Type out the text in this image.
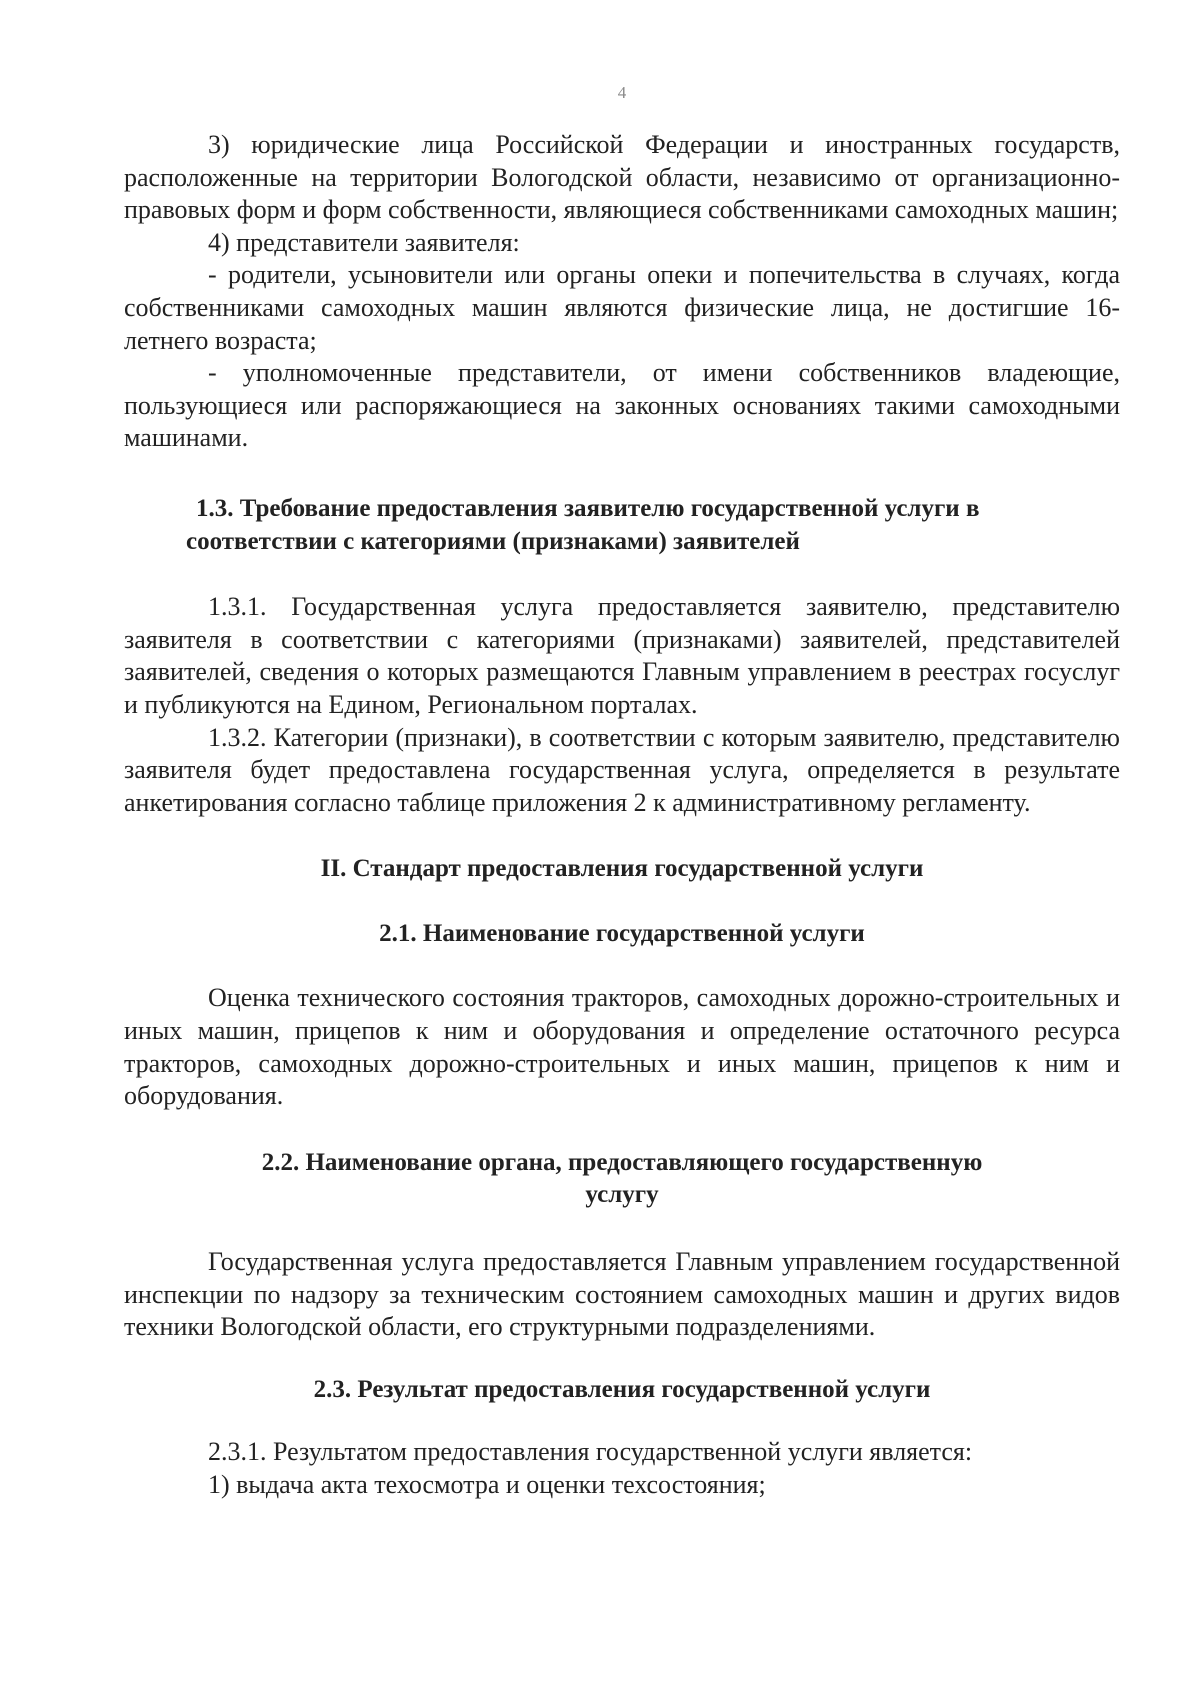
4

3) юридические лица Российской Федерации и иностранных государств, расположенные на территории Вологодской области, независимо от организационно-правовых форм и форм собственности, являющиеся собственниками самоходных машин;

4) представители заявителя:

- родители, усыновители или органы опеки и попечительства в случаях, когда собственниками самоходных машин являются физические лица, не достигшие 16-летнего возраста;

- уполномоченные представители, от имени собственников владеющие, пользующиеся или распоряжающиеся на законных основаниях такими самоходными машинами.

1.3. Требование предоставления заявителю государственной услуги в
соответствии с категориями (признаками) заявителей

1.3.1. Государственная услуга предоставляется заявителю, представителю заявителя в соответствии с категориями (признаками) заявителей, представителей заявителей, сведения о которых размещаются Главным управлением в реестрах госуслуг и публикуются на Едином, Региональном порталах.

1.3.2. Категории (признаки), в соответствии с которым заявителю, представителю заявителя будет предоставлена государственная услуга, определяется в результате анкетирования согласно таблице приложения 2 к административному регламенту.

II. Стандарт предоставления государственной услуги
2.1. Наименование государственной услуги

Оценка технического состояния тракторов, самоходных дорожно-строительных и иных машин, прицепов к ним и оборудования и определение остаточного ресурса тракторов, самоходных дорожно-строительных и иных машин, прицепов к ним и оборудования.

2.2. Наименование органа, предоставляющего государственную
услугу

Государственная услуга предоставляется Главным управлением государственной инспекции по надзору за техническим состоянием самоходных машин и других видов техники Вологодской области, его структурными подразделениями.

2.3. Результат предоставления государственной услуги

2.3.1. Результатом предоставления государственной услуги является:

1) выдача акта техосмотра и оценки техсостояния;
